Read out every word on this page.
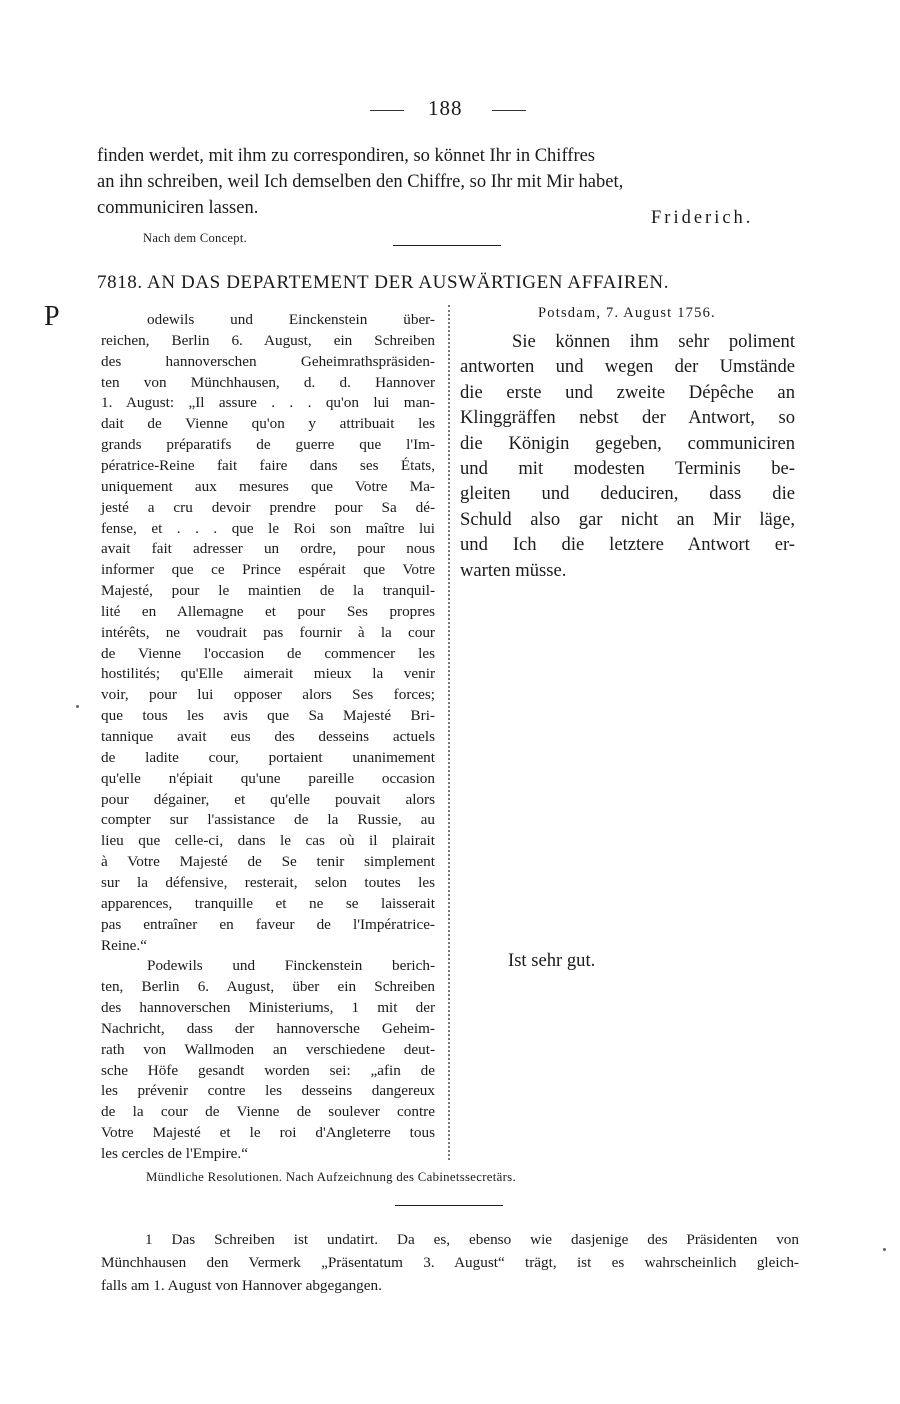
188
finden werdet, mit ihm zu correspondiren, so könnet Ihr in Chiffres
an ihn schreiben, weil Ich demselben den Chiffre, so Ihr mit Mir habet,
communiciren lassen.	Friderich.
Nach dem Concept.
7818. AN DAS DEPARTEMENT DER AUSWÄRTIGEN AFFAIREN.
P	odewils und Einckenstein über-
reichen, Berlin 6. August, ein Schreiben
des hannoverschen Geheimrathspräsiden-
ten von Münchhausen, d. d. Hannover
1. August: „Il assure . . . qu'on lui man-
dait de Vienne qu'on y attribuait les
grands préparatifs de guerre que l'Im-
pératrice-Reine fait faire dans ses États,
uniquement aux mesures que Votre Ma-
jesté a cru devoir prendre pour Sa dé-
fense, et . . . que le Roi son maître lui
avait fait adresser un ordre, pour nous
informer que ce Prince espérait que Votre
Majesté, pour le maintien de la tranquil-
lité en Allemagne et pour Ses propres
intérêts, ne voudrait pas fournir à la cour
de Vienne l'occasion de commencer les
hostilités; qu'Elle aimerait mieux la venir
voir, pour lui opposer alors Ses forces;
que tous les avis que Sa Majesté Bri-
tannique avait eus des desseins actuels
de ladite cour, portaient unanimement
qu'elle n'épiait qu'une pareille occasion
pour dégainer, et qu'elle pouvait alors
compter sur l'assistance de la Russie, au
lieu que celle-ci, dans le cas où il plairait
à Votre Majesté de Se tenir simplement
sur la défensive, resterait, selon toutes les
apparences, tranquille et ne se laisserait
pas entraîner en faveur de l'Impératrice-
Reine.“
Podewils und Finckenstein berich-
ten, Berlin 6. August, über ein Schreiben
des hannoverschen Ministeriums, 1 mit der
Nachricht, dass der hannoversche Geheim-
rath von Wallmoden an verschiedene deut-
sche Höfe gesandt worden sei: „afin de
les prévenir contre les desseins dangereux
de la cour de Vienne de soulever contre
Votre Majesté et le roi d'Angleterre tous
les cercles de l'Empire.“
Potsdam, 7. August 1756.
Sie können ihm sehr poliment
antworten und wegen der Umstände
die erste und zweite Dépêche an
Klinggräffen nebst der Antwort, so
die Königin gegeben, communiciren
und mit modesten Terminis be-
gleiten und deduciren, dass die
Schuld also gar nicht an Mir läge,
und Ich die letztere Antwort er-
warten müsse.
Ist sehr gut.
Mündliche Resolutionen. Nach Aufzeichnung des Cabinetssecretärs.
1 Das Schreiben ist undatirt. Da es, ebenso wie dasjenige des Präsidenten von
Münchhausen den Vermerk „Präsentatum 3. August“ trägt, ist es wahrscheinlich gleich-
falls am 1. August von Hannover abgegangen.
